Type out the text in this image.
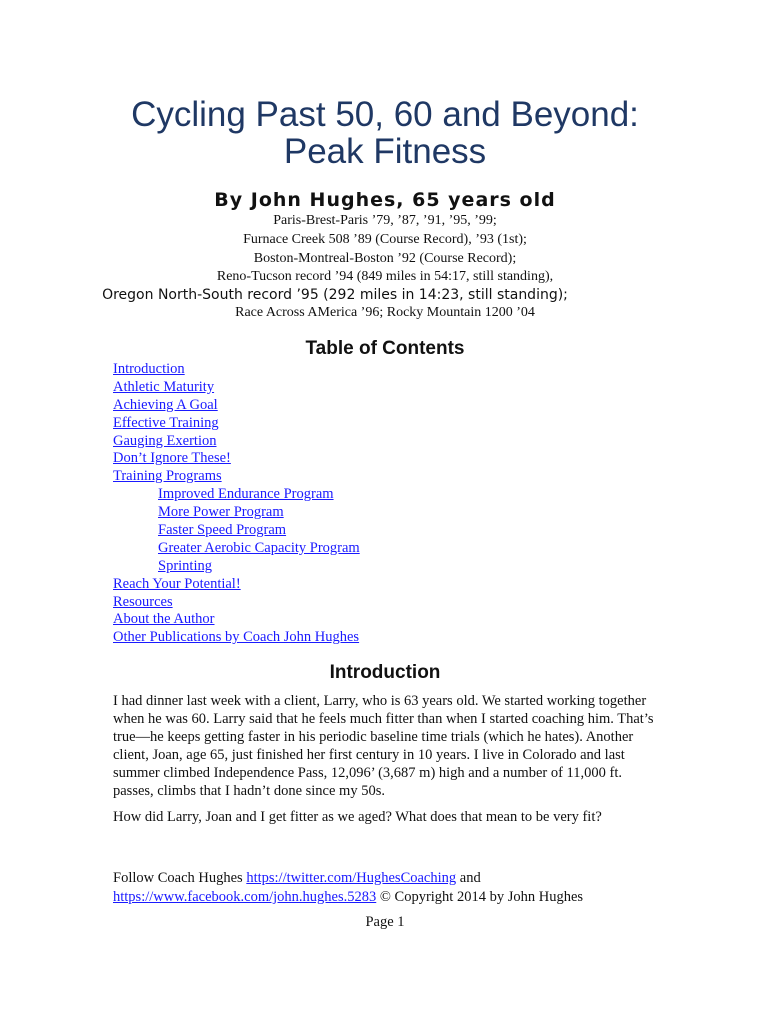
Cycling Past 50, 60 and Beyond:
Peak Fitness
By John Hughes, 65 years old
Paris-Brest-Paris ’79, ’87, ’91, ’95, ’99;
Furnace Creek 508 ’89 (Course Record), ’93 (1st);
Boston-Montreal-Boston ’92 (Course Record);
Reno-Tucson record ’94 (849 miles in 54:17, still standing),
Oregon North-South record ’95 (292 miles in 14:23, still standing);
Race Across AMerica ’96; Rocky Mountain 1200 ’04
Table of Contents
Introduction
Athletic Maturity
Achieving A Goal
Effective Training
Gauging Exertion
Don’t Ignore These!
Training Programs
Improved Endurance Program
More Power Program
Faster Speed Program
Greater Aerobic Capacity Program
Sprinting
Reach Your Potential!
Resources
About the Author
Other Publications by Coach John Hughes
Introduction

I had dinner last week with a client, Larry, who is 63 years old. We started working together when he was 60. Larry said that he feels much fitter than when I started coaching him. That’s true—he keeps getting faster in his periodic baseline time trials (which he hates). Another client, Joan, age 65, just finished her first century in 10 years. I live in Colorado and last summer climbed Independence Pass, 12,096’ (3,687 m) high and a number of 11,000 ft. passes, climbs that I hadn’t done since my 50s.

How did Larry, Joan and I get fitter as we aged? What does that mean to be very fit?

Follow Coach Hughes https://twitter.com/HughesCoaching and
https://www.facebook.com/john.hughes.5283 © Copyright 2014 by John Hughes
Page 1
